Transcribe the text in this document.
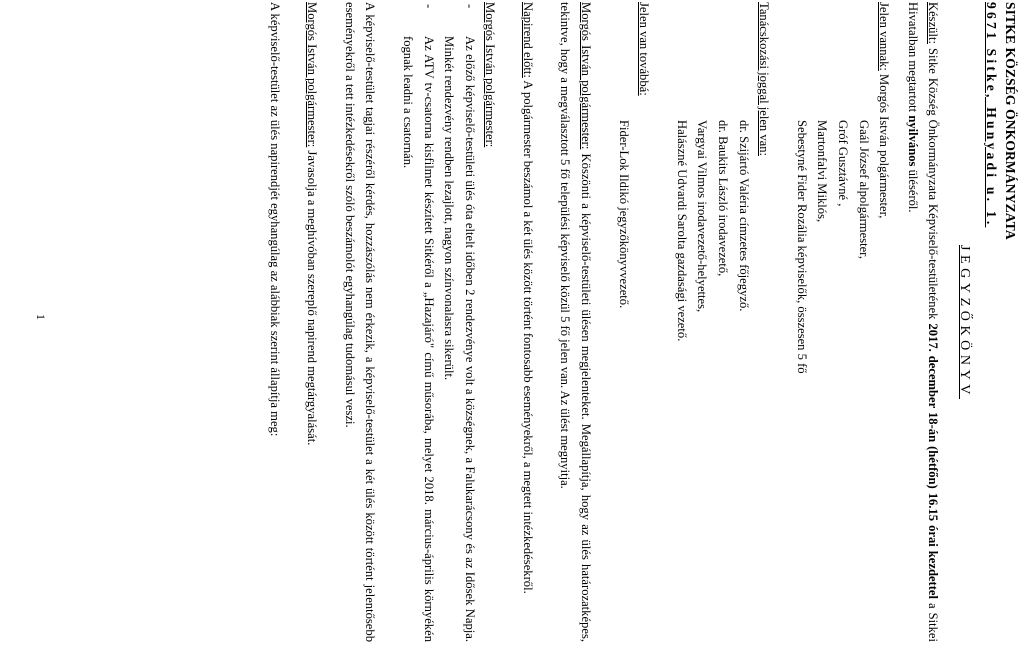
SITKE KÖZSÉG ÖNKORMÁNYZATA
9671 Sitke, Hunyadi u. 1.
JEGYZŐKÖNYV

Készült: Sitke Község Önkormányzata Képviselő-testületének 2017. december 18-án (hétfőn) 16.15 órai kezdettel a Sitkei Hivatalban megtartott nyilvános üléséről.

Jelen vannak: Morgós István polgármester,

Gaál József alpolgármester,

Gróf Gusztávné ,

Martonfalvi Miklós,

Sebestyné Fider Rozália képviselők, összesen 5 fő

Tanácskozási joggal jelen van:

dr. Szijártó Valéria címzetes főjegyző.

dr. Baukits László irodavezető,

Vargyai Vilmos irodavezető-helyettes,

Halászné Udvardi Sarolta gazdasági vezető.

Jelen van továbbá:

Fider-Lok Ildikó jegyzőkönyvvezető.

Morgós István polgármester: Köszönti a képviselő-testületi ülésen megjelenteket. Megállapítja, hogy az ülés határozatképes, tekintve, hogy a megválasztott 5 fő települési képviselő közül 5 fő jelen van. Az ülést megnyitja.

Napirend előtt: A polgármester beszámol a két ülés között történt fontosabb eseményekről, a megtett intézkedésekről.

Morgós István polgármester:

-
Az előző képviselő-testületi ülés óta eltelt időben 2 rendezvénye volt a községnek, a Falukarácsony és az Idősek Napja. Minkét rendezvény rendben lezajlott, nagyon színvonalasra sikerült.

-
Az ATV tv-csatorna kisfilmet készített Sitkéről a „Hazajáró" című műsorába, melyet 2018. március-április környékén fognak leadni a csatornán.

A képviselő-testület tagjai részéről kérdés, hozzászólás nem érkezik, a képviselő-testület a két ülés között történt jelentősebb eseményekről a tett intézkedésekről szóló beszámolót egyhangúlag tudomásul veszi.

Morgós István polgármester: Javasolja a meghívóban szereplő napirend megtárgyalását.

A képviselő-testület az ülés napirendjét egyhangúlag az alábbiak szerint állapítja meg:

1
